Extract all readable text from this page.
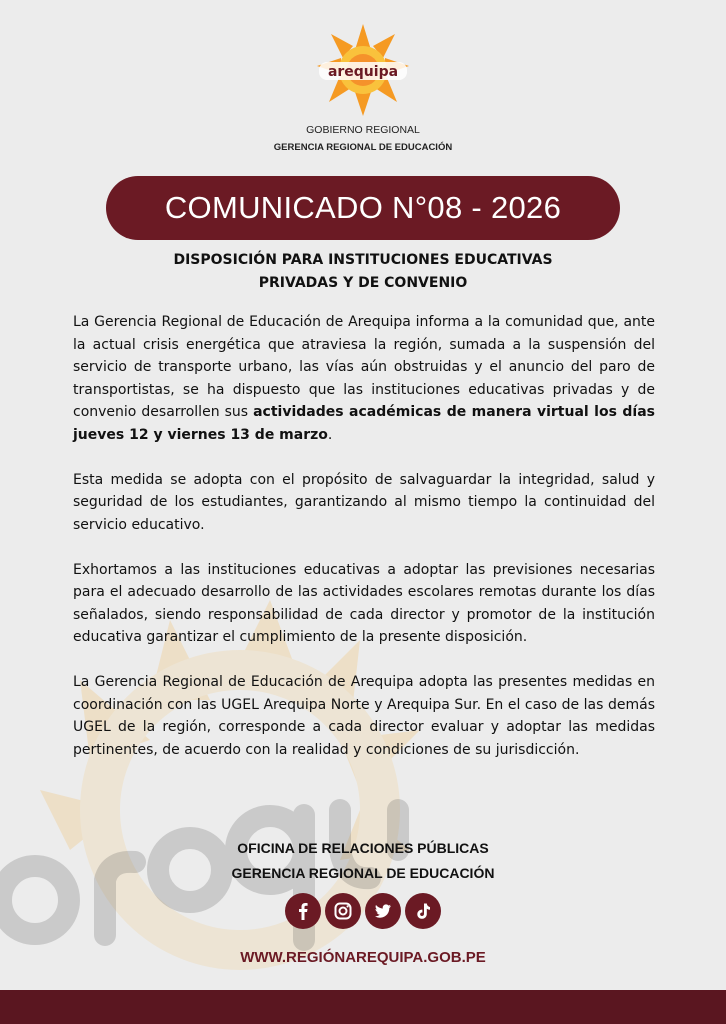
arequipa
GOBIERNO REGIONAL
GERENCIA REGIONAL DE EDUCACIÓN
COMUNICADO N°08 - 2026
DISPOSICIÓN PARA INSTITUCIONES EDUCATIVAS
PRIVADAS Y DE CONVENIO

La Gerencia Regional de Educación de Arequipa informa a la comunidad que, ante la actual crisis energética que atraviesa la región, sumada a la suspensión del servicio de transporte urbano, las vías aún obstruidas y el anuncio del paro de transportistas, se ha dispuesto que las instituciones educativas privadas y de convenio desarrollen sus actividades académicas de manera virtual los días jueves 12 y viernes 13 de marzo.

Esta medida se adopta con el propósito de salvaguardar la integridad, salud y seguridad de los estudiantes, garantizando al mismo tiempo la continuidad del servicio educativo.

Exhortamos a las instituciones educativas a adoptar las previsiones necesarias para el adecuado desarrollo de las actividades escolares remotas durante los días señalados, siendo responsabilidad de cada director y promotor de la institución educativa garantizar el cumplimiento de la presente disposición.

La Gerencia Regional de Educación de Arequipa adopta las presentes medidas en coordinación con las UGEL Arequipa Norte y Arequipa Sur. En el caso de las demás UGEL de la región, corresponde a cada director evaluar y adoptar las medidas pertinentes, de acuerdo con la realidad y condiciones de su jurisdicción.

OFICINA DE RELACIONES PÚBLICAS
GERENCIA REGIONAL DE EDUCACIÓN
WWW.REGIÓNAREQUIPA.GOB.PE
